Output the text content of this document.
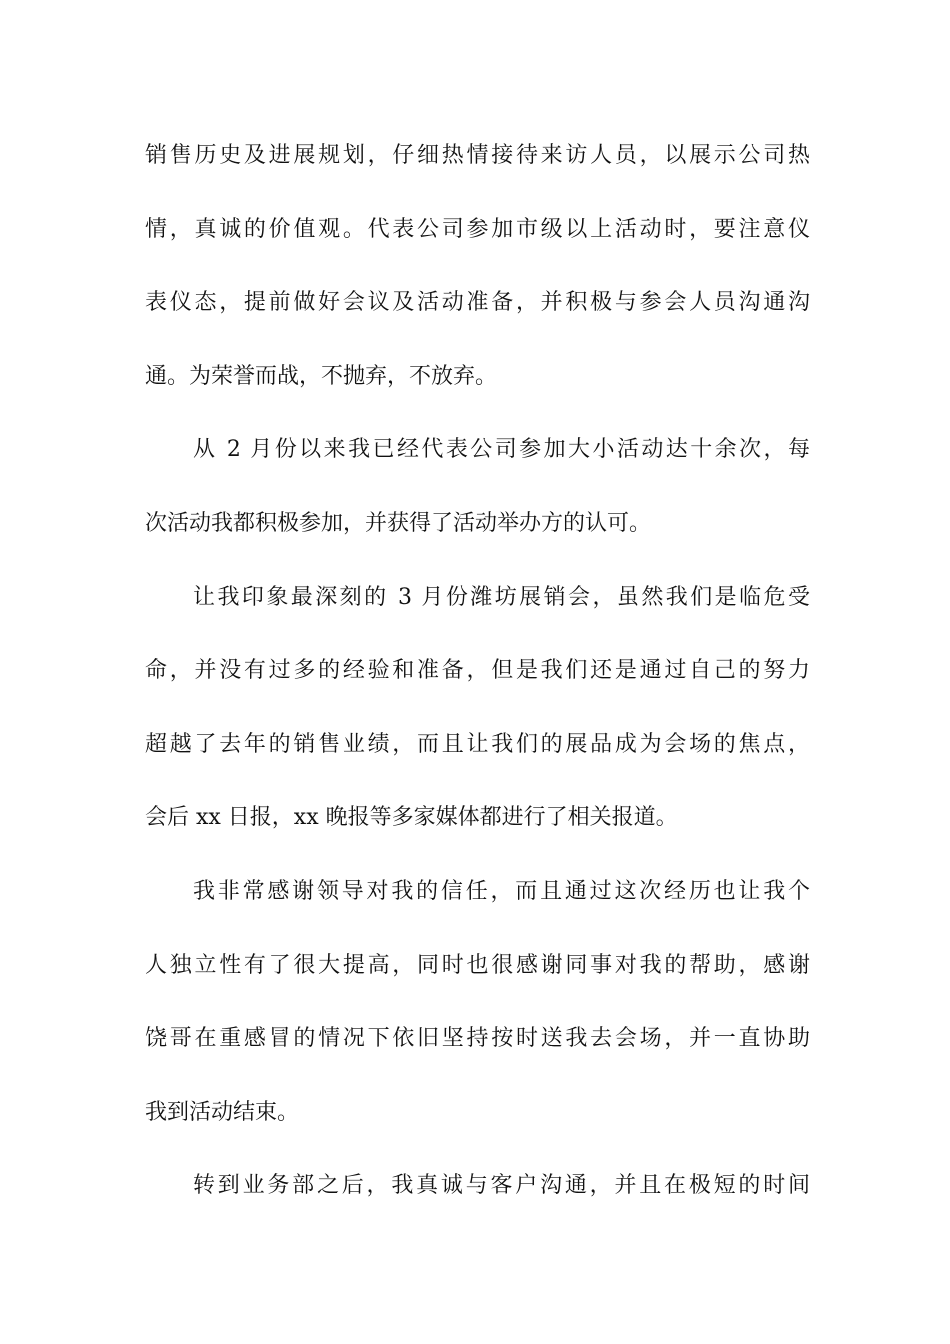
销售历史及进展规划，仔细热情接待来访人员，以展示公司热
情，真诚的价值观。代表公司参加市级以上活动时，要注意仪
表仪态，提前做好会议及活动准备，并积极与参会人员沟通沟
通。为荣誉而战，不抛弃，不放弃。
从 2 月份以来我已经代表公司参加大小活动达十余次，每
次活动我都积极参加，并获得了活动举办方的认可。
让我印象最深刻的 3 月份潍坊展销会，虽然我们是临危受
命，并没有过多的经验和准备，但是我们还是通过自己的努力
超越了去年的销售业绩，而且让我们的展品成为会场的焦点，
会后 xx 日报，xx 晚报等多家媒体都进行了相关报道。
我非常感谢领导对我的信任，而且通过这次经历也让我个
人独立性有了很大提高，同时也很感谢同事对我的帮助，感谢
饶哥在重感冒的情况下依旧坚持按时送我去会场，并一直协助
我到活动结束。
转到业务部之后，我真诚与客户沟通，并且在极短的时间
